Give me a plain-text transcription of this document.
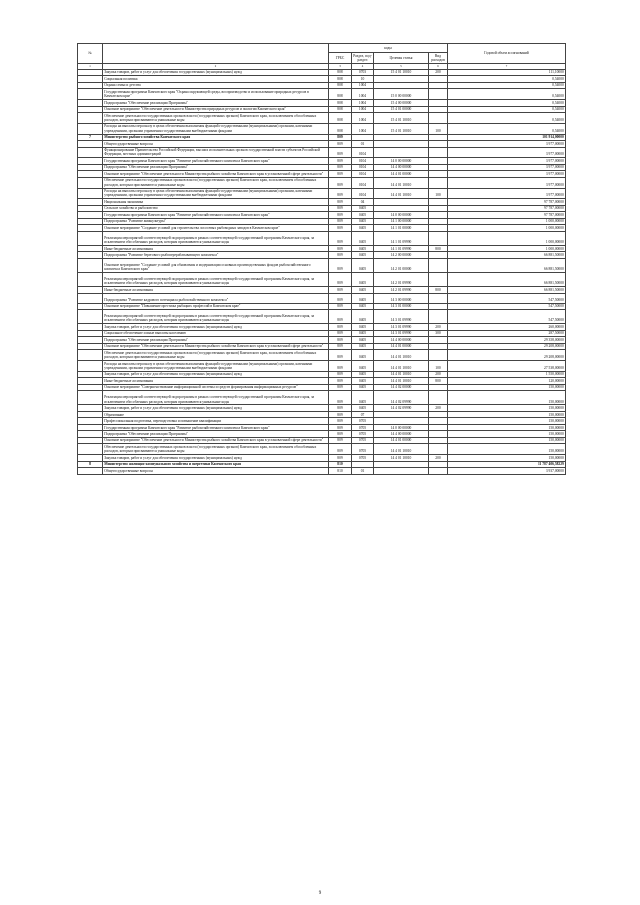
№		коды				Годовой объем ассигнований
		ГРБС	Раздел, под-раздел	Целевая статья	Вид расходов	
1	2	3	4	5	6	7
	Закупка товаров, работ и услуг для обеспечения государственных (муниципальных) нужд	808	0703	15 4 01 10010	200	111,10000
	Социальная политика	808	10			0,54000
	Охрана семьи и детства	808	1004			0,54000
	Государственная программа Камчатского края "Охрана окружающей среды, воспроизводство и использование природных ресурсов в Камчатском крае"	808	1004	15 0 00 00000		0,54000
	Подпрограмма "Обеспечение реализации Программы"	808	1004	15 4 00 00000		0,54000
	Основное мероприятие "Обеспечение деятельности Министерства природных ресурсов и экологии Камчатского края"	808	1004	15 4 01 00000		0,54000
	Обеспечение деятельности государственных органов власти (государственных органов) Камчатского края, за исключением обособленных расходов, которым присваиваются уникальные коды	808	1004	15 4 01 10010		0,54000
	Расходы на выплаты персоналу в целях обеспечения выполнения функций государственными (муниципальными) органами, казенными учреждениями, органами управления государственными внебюджетными фондами	808	1004	15 4 01 10010	100	0,54000
7	Министерство рыбного хозяйства Камчатского края	809				101 914,00000
	Общегосударственные вопросы	809	01			3 977,00000
	Функционирование Правительства Российской Федерации, высших исполнительных органов государственной власти субъектов Российской Федерации, местных администраций	809	0104			3 977,00000
	Государственная программа Камчатского края "Развитие рыбохозяйственного комплекса Камчатского края"	809	0104	14 0 00 00000		3 977,00000
	Подпрограмма "Обеспечение реализации Программы"	809	0104	14 4 00 00000		3 977,00000
	Основное мероприятие "Обеспечение деятельности Министерства рыбного хозяйства Камчатского края в установленной сфере деятельности"	809	0104	14 4 01 00000		3 977,00000
	Обеспечение деятельности государственных органов власти (государственных органов) Камчатского края, за исключением обособленных расходов, которым присваиваются уникальные коды	809	0104	14 4 01 10010		3 977,00000
	Расходы на выплаты персоналу в целях обеспечения выполнения функций государственными (муниципальными) органами, казенными учреждениями, органами управления государственными внебюджетными фондами	809	0104	14 4 01 10010	100	3 977,00000
	Национальная экономика	809	04			97 787,00000
	Сельское хозяйство и рыболовство	809	0405			97 787,00000
	Государственная программа Камчатского края "Развитие рыбохозяйственного комплекса Камчатского края"	809	0405	14 0 00 00000		97 787,00000
	Подпрограмма "Развитие аквакультуры"	809	0405	14 1 00 00000		1 000,00000
	Основное мероприятие "Создание условий для строительства лососевых рыбоводных заводов в Камчатском крае"	809	0405	14 1 01 00000		1 000,00000
	Реализация мероприятий соответствующей подпрограммы в рамках соответствующей государственной программы Камчатского края, за исключением обособленных расходов, которым присваиваются уникальные коды	809	0405	14 1 01 09990		1 000,00000
	Иные бюджетные ассигнования	809	0405	14 1 01 09990	800	1 000,00000
	Подпрограмма "Развитие берегового рыбоперерабатывающего комплекса"	809	0405	14 2 00 00000		66 881,50000
	Основное мероприятие "Создание условий для обновления и модернизации основных производственных фондов рыбохозяйственного комплекса Камчатского края"	809	0405	14 2 01 00000		66 881,50000
	Реализация мероприятий соответствующей подпрограммы в рамках соответствующей государственной программы Камчатского края, за исключением обособленных расходов, которым присваиваются уникальные коды	809	0405	14 2 01 09990		66 881,50000
	Иные бюджетные ассигнования	809	0405	14 2 01 09990	800	66 881,50000
	Подпрограмма "Развитие кадрового потенциала рыбохозяйственного комплекса"	809	0405	14 3 00 00000		547,50000
	Основное мероприятие "Повышение престижа рыбацких профессий в Камчатском крае"	809	0405	14 3 01 00000		547,50000
	Реализация мероприятий соответствующей подпрограммы в рамках соответствующей государственной программы Камчатского края, за исключением обособленных расходов, которым присваиваются уникальные коды	809	0405	14 3 01 09990		547,50000
	Закупка товаров, работ и услуг для обеспечения государственных (муниципальных) нужд	809	0405	14 3 01 09990	200	260,00000
	Социальное обеспечение и иные выплаты населению	809	0405	14 3 01 09990	300	287,50000
	Подпрограмма "Обеспечение реализации Программы"	809	0405	14 4 00 00000		29 358,00000
	Основное мероприятие "Обеспечение деятельности Министерства рыбного хозяйства Камчатского края в установленной сфере деятельности"	809	0405	14 4 01 00000		29 208,00000
	Обеспечение деятельности государственных органов власти (государственных органов) Камчатского края, за исключением обособленных расходов, которым присваиваются уникальные коды	809	0405	14 4 01 10010		29 208,00000
	Расходы на выплаты персоналу в целях обеспечения выполнения функций государственными (муниципальными) органами, казенными учреждениями, органами управления государственными внебюджетными фондами	809	0405	14 4 01 10010	100	27 538,00000
	Закупка товаров, работ и услуг для обеспечения государственных (муниципальных) нужд	809	0405	14 4 01 10010	200	1 550,00000
	Иные бюджетные ассигнования	809	0405	14 4 01 10010	800	120,00000
	Основное мероприятие "Совершенствование информационной системы и средств формирования информационных ресурсов"	809	0405	14 4 02 00000		150,00000
	Реализация мероприятий соответствующей подпрограммы в рамках соответствующей государственной программы Камчатского края, за исключением обособленных расходов, которым присваиваются уникальные коды	809	0405	14 4 02 09990		150,00000
	Закупка товаров, работ и услуг для обеспечения государственных (муниципальных) нужд	809	0405	14 4 02 09990	200	150,00000
	Образование	809	07			150,00000
	Профессиональная подготовка, переподготовка и повышение квалификации	809	0705			150,00000
	Государственная программа Камчатского края "Развитие рыбохозяйственного комплекса Камчатского края"	809	0705	14 0 00 00000		150,00000
	Подпрограмма "Обеспечение реализации Программы"	809	0705	14 4 00 00000		150,00000
	Основное мероприятие "Обеспечение деятельности Министерства рыбного хозяйства Камчатского края в установленной сфере деятельности"	809	0705	14 4 01 00000		150,00000
	Обеспечение деятельности государственных органов власти (государственных органов) Камчатского края, за исключением обособленных расходов, которым присваиваются уникальные коды	809	0705	14 4 01 10010		150,00000
	Закупка товаров, работ и услуг для обеспечения государственных (муниципальных) нужд	809	0705	14 4 01 10010	200	150,00000
8	Министерство жилищно-коммунального хозяйства и энергетики Камчатского края	810				11 787 406,58229
	Общегосударственные вопросы	810	01			3 937,00000
9
